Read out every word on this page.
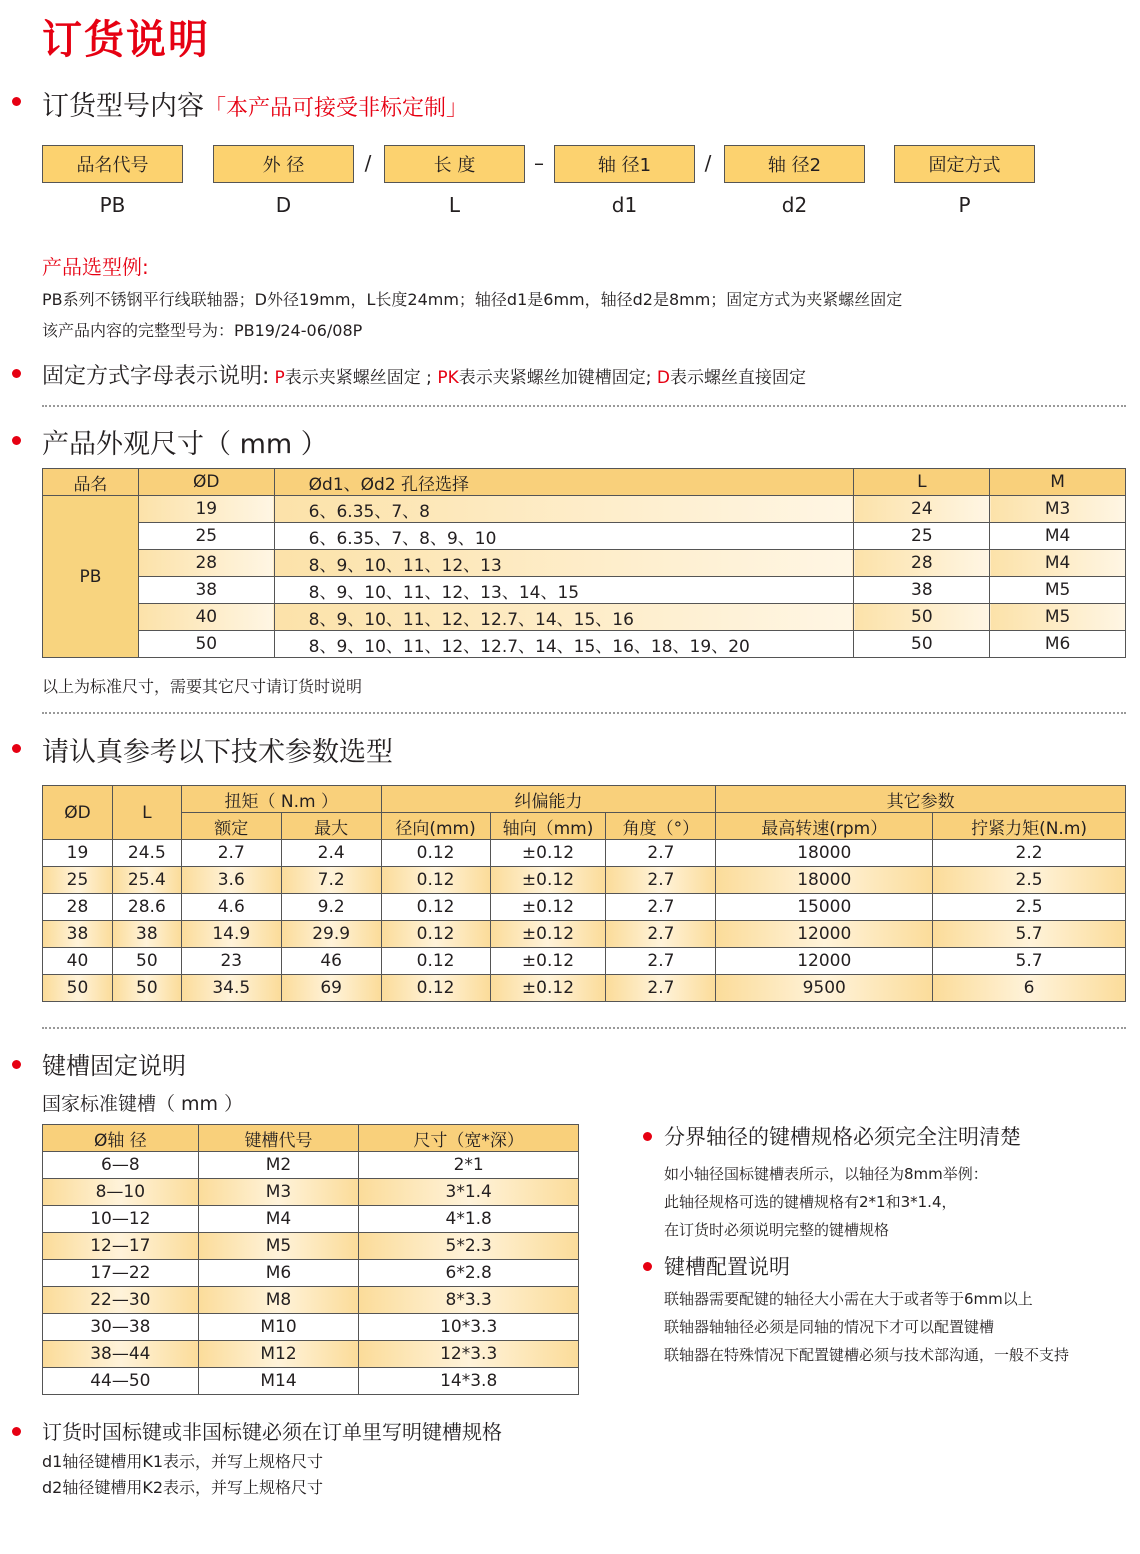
订货说明
订货型号内容「本产品可接受非标定制」
品名代号	外 径	/	长 度	–	轴 径1	/	轴 径2	固定方式
PB	D	L	d1	d2	P
产品选型例:
PB系列不锈钢平行线联轴器；D外径19mm，L长度24mm；轴径d1是6mm，轴径d2是8mm；固定方式为夹紧螺丝固定
该产品内容的完整型号为：PB19/24-06/08P
固定方式字母表示说明: P表示夹紧螺丝固定 ; PK表示夹紧螺丝加键槽固定; D表示螺丝直接固定
产品外观尺寸（ mm ）
品名	ØD	Ød1、Ød2 孔径选择	L	M
PB	19	6、6.35、7、8	24	M3
	25	6、6.35、7、8、9、10	25	M4
	28	8、9、10、11、12、13	28	M4
	38	8、9、10、11、12、13、14、15	38	M5
	40	8、9、10、11、12、12.7、14、15、16	50	M5
	50	8、9、10、11、12、12.7、14、15、16、18、19、20	50	M6
以上为标准尺寸，需要其它尺寸请订货时说明
请认真参考以下技术参数选型
ØD	L	扭矩（ N.m ）		纠偏能力			其它参数	
		额定	最大	径向(mm)	轴向（mm)	角度（°）	最高转速(rpm）	拧紧力矩(N.m)
19	24.5	2.7	2.4	0.12	±0.12	2.7	18000	2.2
25	25.4	3.6	7.2	0.12	±0.12	2.7	18000	2.5
28	28.6	4.6	9.2	0.12	±0.12	2.7	15000	2.5
38	38	14.9	29.9	0.12	±0.12	2.7	12000	5.7
40	50	23	46	0.12	±0.12	2.7	12000	5.7
50	50	34.5	69	0.12	±0.12	2.7	9500	6
键槽固定说明
国家标准键槽（ mm ）
Ø轴 径	键槽代号	尺寸（宽*深）
6—8	M2	2*1
8—10	M3	3*1.4
10—12	M4	4*1.8
12—17	M5	5*2.3
17—22	M6	6*2.8
22—30	M8	8*3.3
30—38	M10	10*3.3
38—44	M12	12*3.3
44—50	M14	14*3.8
分界轴径的键槽规格必须完全注明清楚
如小轴径国标键槽表所示，以轴径为8mm举例：
此轴径规格可选的键槽规格有2*1和3*1.4，
在订货时必须说明完整的键槽规格
键槽配置说明
联轴器需要配键的轴径大小需在大于或者等于6mm以上
联轴器轴轴径必须是同轴的情况下才可以配置键槽
联轴器在特殊情况下配置键槽必须与技术部沟通，一般不支持
订货时国标键或非国标键必须在订单里写明键槽规格
d1轴径键槽用K1表示，并写上规格尺寸
d2轴径键槽用K2表示，并写上规格尺寸
